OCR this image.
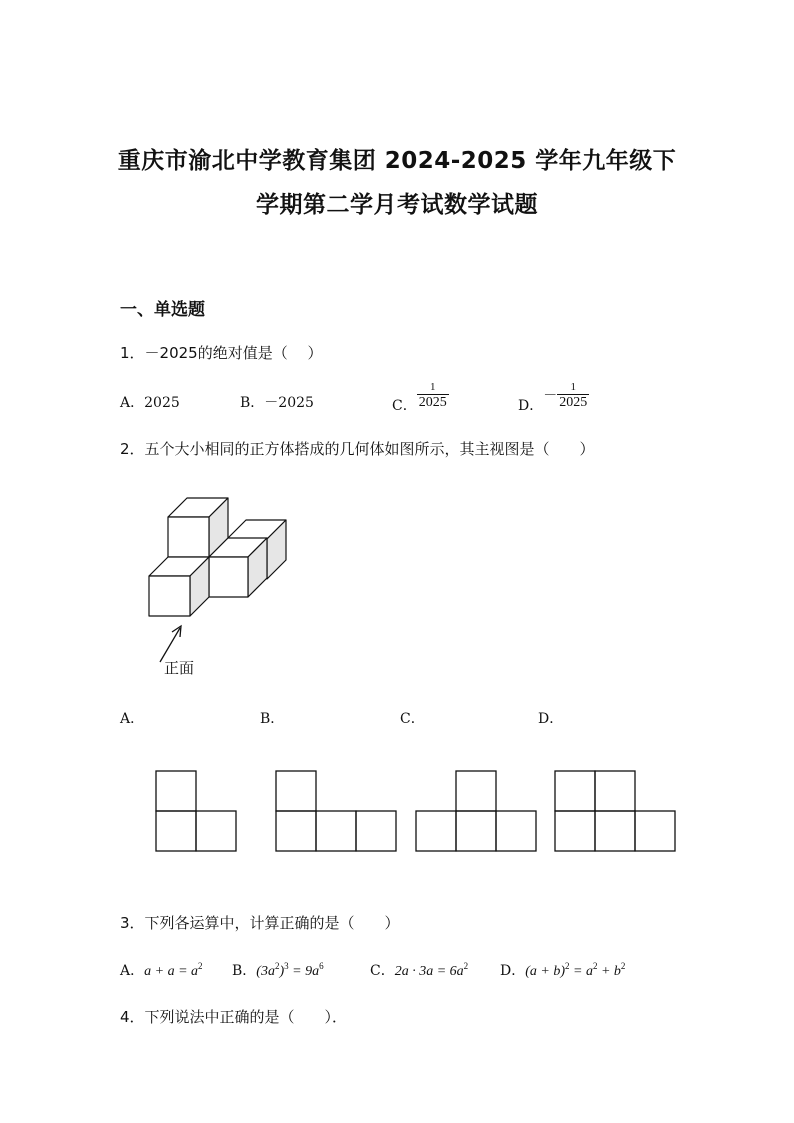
重庆市渝北中学教育集团 2024-2025 学年九年级下
学期第二学月考试数学试题
一、单选题
1．－2025的绝对值是（　 ）
A．2025	B．－2025	C． $\frac{1}{2025}$	D．－ $\frac{1}{2025}$
2．五个大小相同的正方体搭成的几何体如图所示，其主视图是（　　）
正面
A．	B．	C．	D．
3．下列各运算中，计算正确的是（　　）
A．$a + a = a^2$ B．$(3a^2)^3 = 9a^6$	C．$2a \cdot 3a = 6a^2$ D．$(a + b)^2 = a^2 + b^2$
4．下列说法中正确的是（　　）．
